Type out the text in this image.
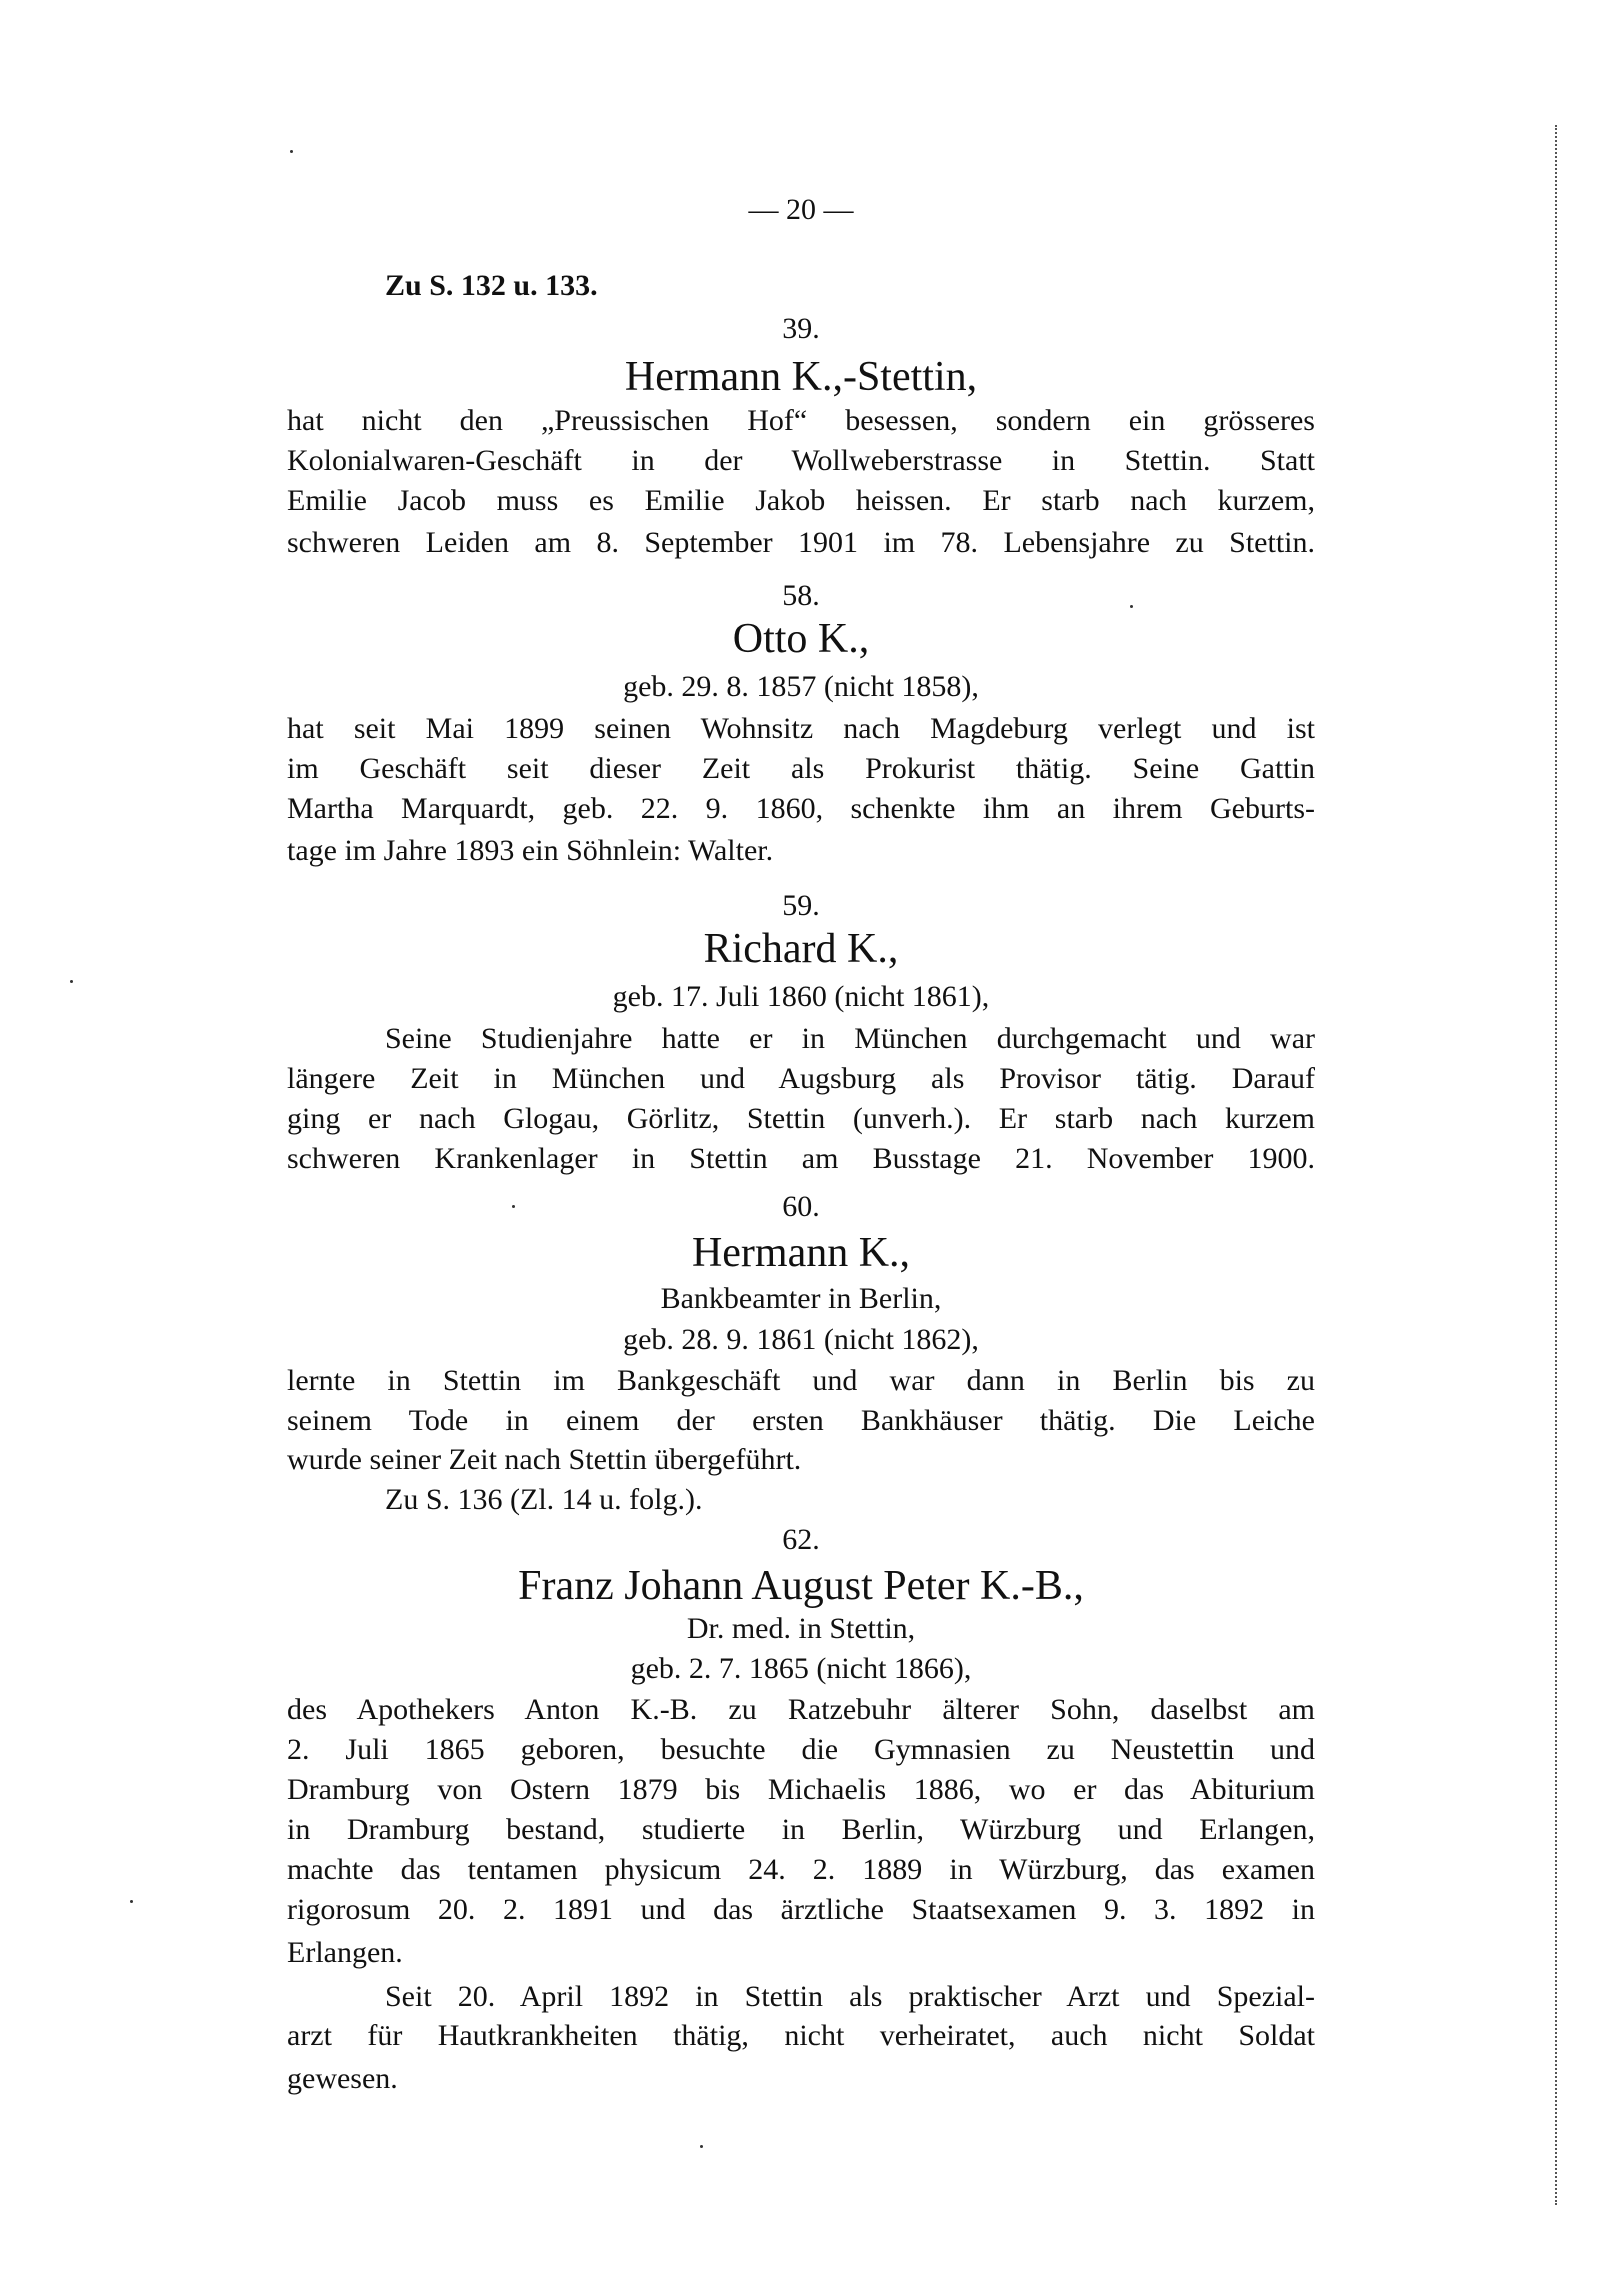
— 20 —
Zu S. 132 u. 133.
39.
Hermann K.,-Stettin,
hat nicht den „Preussischen Hof“ besessen, sondern ein grösseres
Kolonialwaren-Geschäft in der Wollweberstrasse in Stettin. Statt
Emilie Jacob muss es Emilie Jakob heissen. Er starb nach kurzem,
schweren Leiden am 8. September 1901 im 78. Lebensjahre zu Stettin.
58.
Otto K.,
geb. 29. 8. 1857 (nicht 1858),
hat seit Mai 1899 seinen Wohnsitz nach Magdeburg verlegt und ist
im Geschäft seit dieser Zeit als Prokurist thätig. Seine Gattin
Martha Marquardt, geb. 22. 9. 1860, schenkte ihm an ihrem Geburts-
tage im Jahre 1893 ein Söhnlein: Walter.
59.
Richard K.,
geb. 17. Juli 1860 (nicht 1861),
Seine Studienjahre hatte er in München durchgemacht und war
längere Zeit in München und Augsburg als Provisor tätig. Darauf
ging er nach Glogau, Görlitz, Stettin (unverh.). Er starb nach kurzem
schweren Krankenlager in Stettin am Busstage 21. November 1900.
60.
Hermann K.,
Bankbeamter in Berlin,
geb. 28. 9. 1861 (nicht 1862),
lernte in Stettin im Bankgeschäft und war dann in Berlin bis zu
seinem Tode in einem der ersten Bankhäuser thätig. Die Leiche
wurde seiner Zeit nach Stettin übergeführt.
Zu S. 136 (Zl. 14 u. folg.).
62.
Franz Johann August Peter K.-B.,
Dr. med. in Stettin,
geb. 2. 7. 1865 (nicht 1866),
des Apothekers Anton K.-B. zu Ratzebuhr älterer Sohn, daselbst am
2. Juli 1865 geboren, besuchte die Gymnasien zu Neustettin und
Dramburg von Ostern 1879 bis Michaelis 1886, wo er das Abiturium
in Dramburg bestand, studierte in Berlin, Würzburg und Erlangen,
machte das tentamen physicum 24. 2. 1889 in Würzburg, das examen
rigorosum 20. 2. 1891 und das ärztliche Staatsexamen 9. 3. 1892 in
Erlangen.
Seit 20. April 1892 in Stettin als praktischer Arzt und Spezial-
arzt für Hautkrankheiten thätig, nicht verheiratet, auch nicht Soldat
gewesen.
